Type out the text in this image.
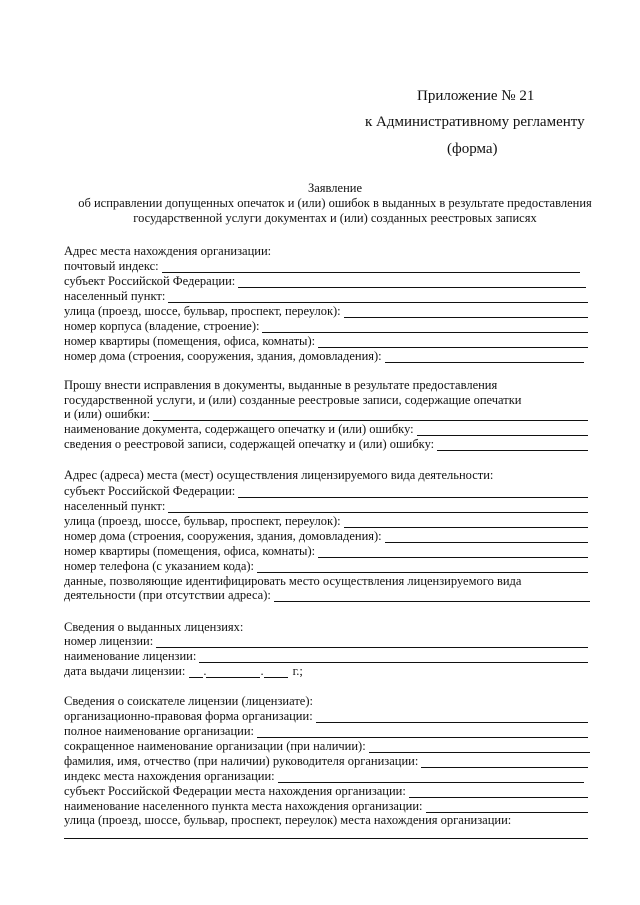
Приложение № 21
к Административному регламенту
(форма)
Заявление
об исправлении допущенных опечаток и (или) ошибок в выданных в результате предоставления
государственной услуги документах и (или) созданных реестровых записях
Адрес места нахождения организации:
почтовый индекс:
субъект Российской Федерации:
населенный пункт:
улица (проезд, шоссе, бульвар, проспект, переулок):
номер корпуса (владение, строение):
номер квартиры (помещения, офиса, комнаты):
номер дома (строения, сооружения, здания, домовладения):
Прошу внести исправления в документы, выданные в результате предоставления
государственной услуги, и (или) созданные реестровые записи, содержащие опечатки
и (или) ошибки:
наименование документа, содержащего опечатку и (или) ошибку:
сведения о реестровой записи, содержащей опечатку и (или) ошибку:
Адрес (адреса) места (мест) осуществления лицензируемого вида деятельности:
субъект Российской Федерации:
населенный пункт:
улица (проезд, шоссе, бульвар, проспект, переулок):
номер дома (строения, сооружения, здания, домовладения):
номер квартиры (помещения, офиса, комнаты):
номер телефона (с указанием кода):
данные, позволяющие идентифицировать место осуществления лицензируемого вида
деятельности (при отсутствии адреса):
Сведения о выданных лицензиях:
номер лицензии:
наименование лицензии:
дата выдачи лицензии: .	. г.;
Сведения о соискателе лицензии (лицензиате):
организационно-правовая форма организации:
полное наименование организации:
сокращенное наименование организации (при наличии):
фамилия, имя, отчество (при наличии) руководителя организации:
индекс места нахождения организации:
субъект Российской Федерации места нахождения организации:
наименование населенного пункта места нахождения организации:
улица (проезд, шоссе, бульвар, проспект, переулок) места нахождения организации:
